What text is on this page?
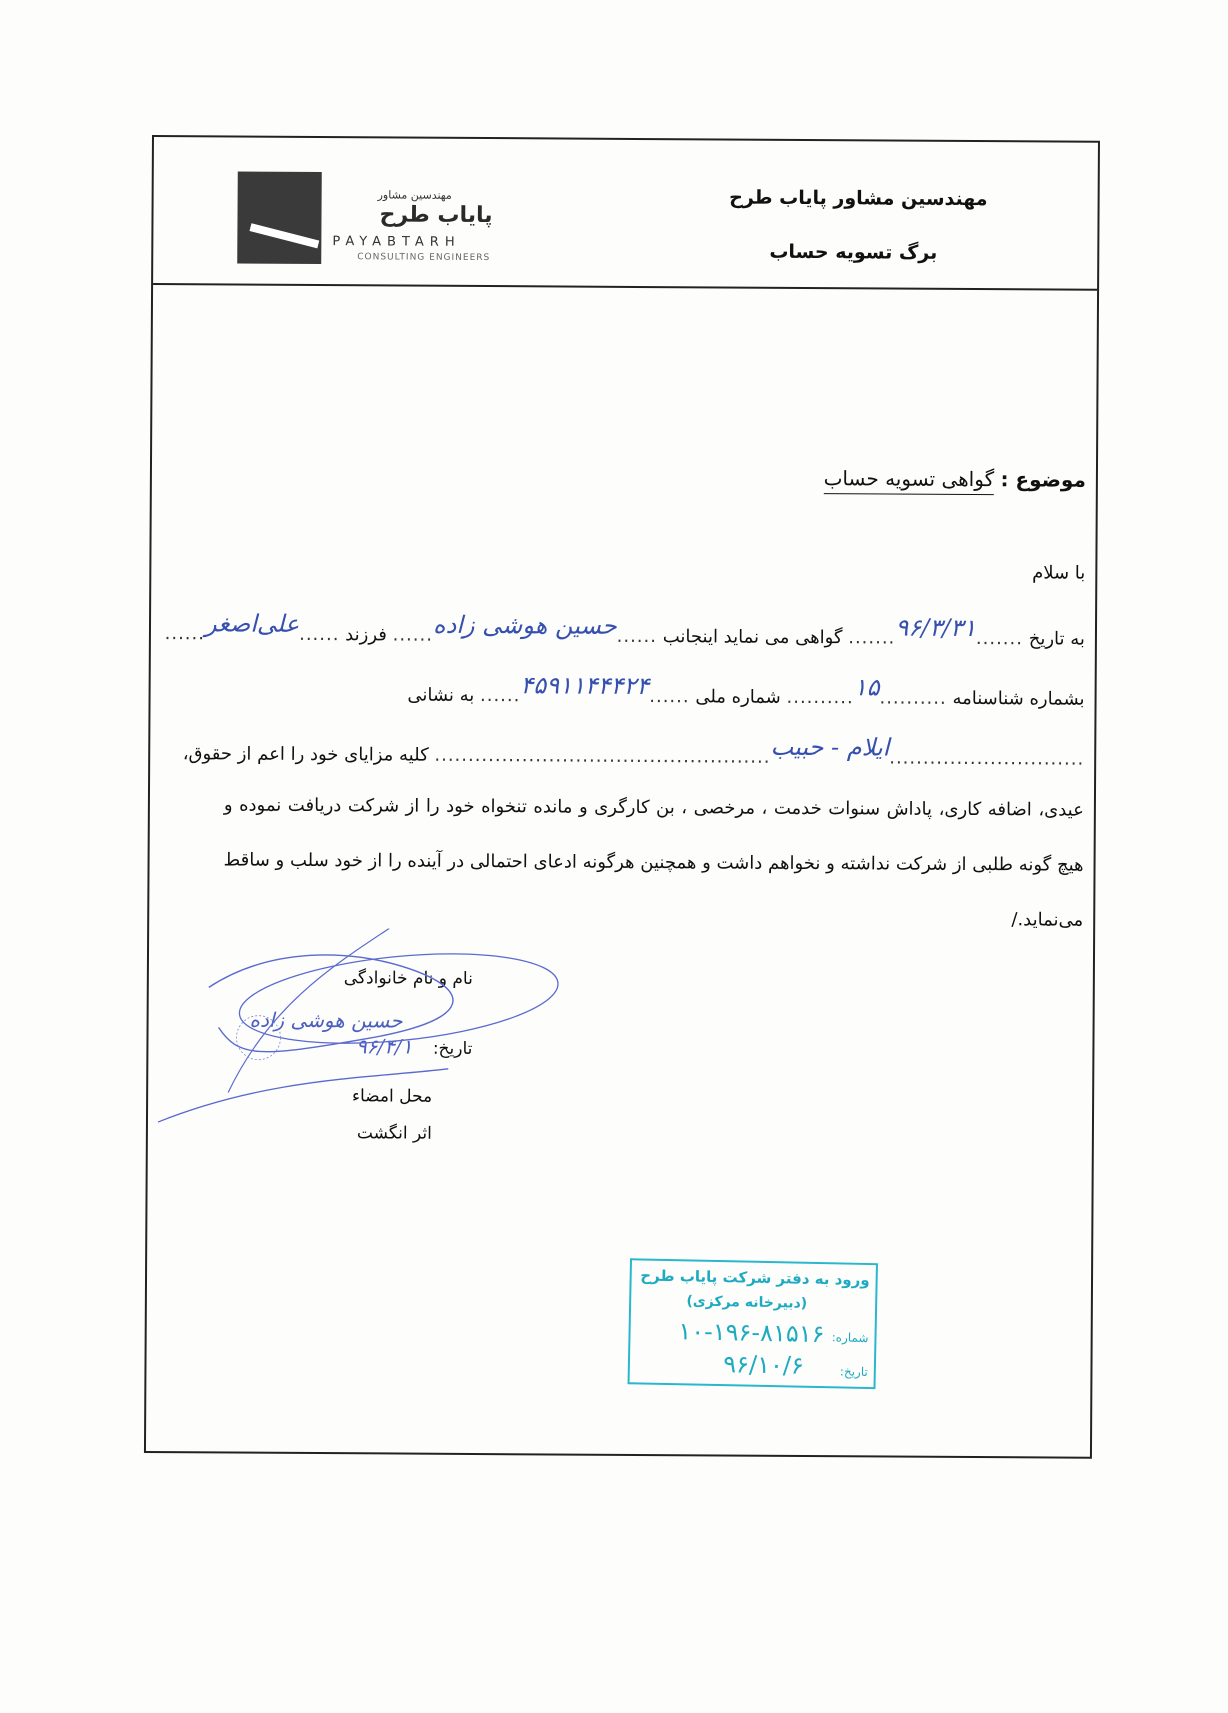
مهندسین مشاور
پایاب طرح
PAYABTARH
CONSULTING ENGINEERS
مهندسین مشاور پایاب طرح
برگ تسویه حساب
موضوع : گواهی تسویه حساب
با سلام
به تاریخ .......۹۶/۳/۳۱....... گواهی می نماید اینجانب ......حسین هوشی زاده...... فرزند ......علی‌اصغر......
بشماره شناسنامه ..........۱۵.......... شماره ملی ......۴۵۹۱۱۴۴۴۲۴...... به نشانی
.............................ایلام - حبیب.................................................. کلیه مزایای خود را اعم از حقوق،
عیدی، اضافه کاری، پاداش سنوات خدمت ، مرخصی ، بن کارگری و مانده تنخواه خود را از شرکت دریافت نموده و هیچ گونه طلبی از شرکت نداشته و نخواهم داشت و همچنین هرگونه ادعای احتمالی در آینده را از خود سلب و ساقط می‌نماید./
نام و نام خانوادگی
حسین هوشی زاده
تاریخ:
۹۶/۴/۱
محل امضاء
اثر انگشت
ورود به دفتر شرکت پایاب طرح
(دبیرخانه مرکزی)
شماره:
۱۰-۱۹۶-۸۱۵۱۶
تاریخ:
۹۶/۱۰/۶
